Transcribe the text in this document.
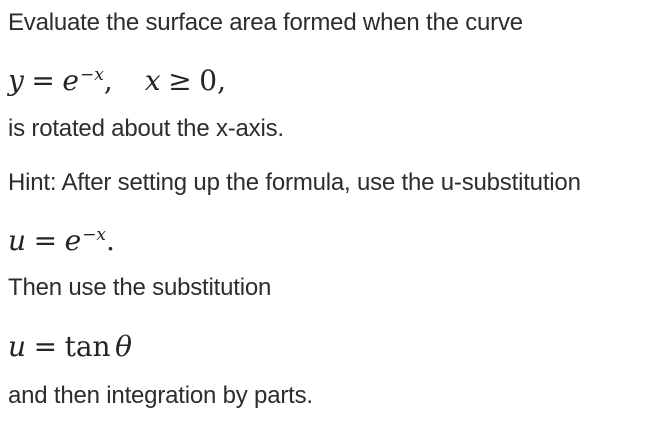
Evaluate the surface area formed when the curve

y = e−x, x ≥ 0,

is rotated about the x-axis.

Hint: After setting up the formula, use the u-substitution

u = e−x.

Then use the substitution

u = tan θ

and then integration by parts.
